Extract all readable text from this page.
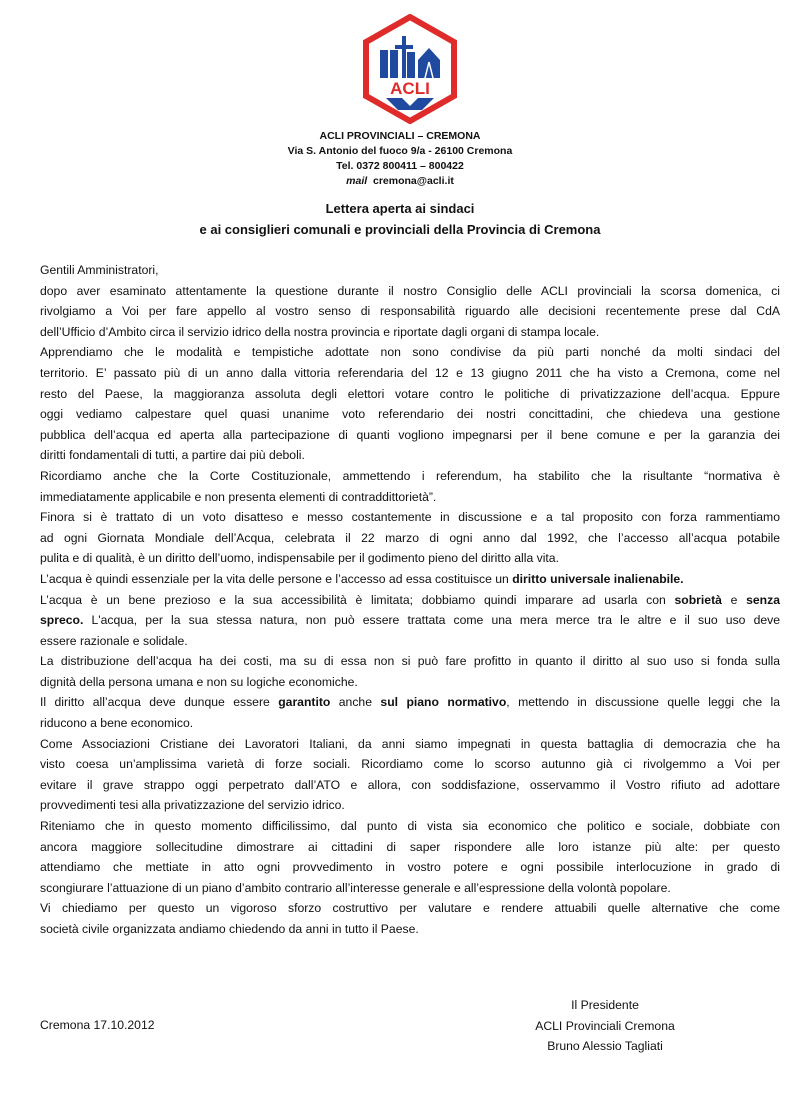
ACLI
ACLI PROVINCIALI – CREMONA
Via S. Antonio del fuoco 9/a - 26100 Cremona
Tel. 0372 800411 – 800422
mail cremona@acli.it
Lettera aperta ai sindaci
e ai consiglieri comunali e provinciali della Provincia di Cremona
Gentili Amministratori,
dopo aver esaminato attentamente la questione durante il nostro Consiglio delle ACLI provinciali la scorsa domenica, ci
rivolgiamo a Voi per fare appello al vostro senso di responsabilità riguardo alle decisioni recentemente prese dal CdA
dell’Ufficio d’Ambito circa il servizio idrico della nostra provincia e riportate dagli organi di stampa locale.
Apprendiamo che le modalità e tempistiche adottate non sono condivise da più parti nonché da molti sindaci del
territorio. E’ passato più di un anno dalla vittoria referendaria del 12 e 13 giugno 2011 che ha visto a Cremona, come nel
resto del Paese, la maggioranza assoluta degli elettori votare contro le politiche di privatizzazione dell’acqua. Eppure
oggi vediamo calpestare quel quasi unanime voto referendario dei nostri concittadini, che chiedeva una gestione
pubblica dell’acqua ed aperta alla partecipazione di quanti vogliono impegnarsi per il bene comune e per la garanzia dei
diritti fondamentali di tutti, a partire dai più deboli.
Ricordiamo anche che la Corte Costituzionale, ammettendo i referendum, ha stabilito che la risultante “normativa è
immediatamente applicabile e non presenta elementi di contraddittorietà”.
Finora si è trattato di un voto disatteso e messo costantemente in discussione e a tal proposito con forza rammentiamo
ad ogni Giornata Mondiale dell’Acqua, celebrata il 22 marzo di ogni anno dal 1992, che l’accesso all’acqua potabile
pulita e di qualità, è un diritto dell’uomo, indispensabile per il godimento pieno del diritto alla vita.
L’acqua è quindi essenziale per la vita delle persone e l’accesso ad essa costituisce un diritto universale inalienabile.
L’acqua è un bene prezioso e la sua accessibilità è limitata; dobbiamo quindi imparare ad usarla con sobrietà e senza
spreco. L'acqua, per la sua stessa natura, non può essere trattata come una mera merce tra le altre e il suo uso deve
essere razionale e solidale.
La distribuzione dell’acqua ha dei costi, ma su di essa non si può fare profitto in quanto il diritto al suo uso si fonda sulla
dignità della persona umana e non su logiche economiche.
Il diritto all’acqua deve dunque essere garantito anche sul piano normativo, mettendo in discussione quelle leggi che la
riducono a bene economico.
Come Associazioni Cristiane dei Lavoratori Italiani, da anni siamo impegnati in questa battaglia di democrazia che ha
visto coesa un’amplissima varietà di forze sociali. Ricordiamo come lo scorso autunno già ci rivolgemmo a Voi per
evitare il grave strappo oggi perpetrato dall’ATO e allora, con soddisfazione, osservammo il Vostro rifiuto ad adottare
provvedimenti tesi alla privatizzazione del servizio idrico.
Riteniamo che in questo momento difficilissimo, dal punto di vista sia economico che politico e sociale, dobbiate con
ancora maggiore sollecitudine dimostrare ai cittadini di saper rispondere alle loro istanze più alte: per questo
attendiamo che mettiate in atto ogni provvedimento in vostro potere e ogni possibile interlocuzione in grado di
scongiurare l’attuazione di un piano d’ambito contrario all’interesse generale e all’espressione della volontà popolare.
Vi chiediamo per questo un vigoroso sforzo costruttivo per valutare e rendere attuabili quelle alternative che come
società civile organizzata andiamo chiedendo da anni in tutto il Paese.
Cremona 17.10.2012
Il Presidente
ACLI Provinciali Cremona
Bruno Alessio Tagliati
